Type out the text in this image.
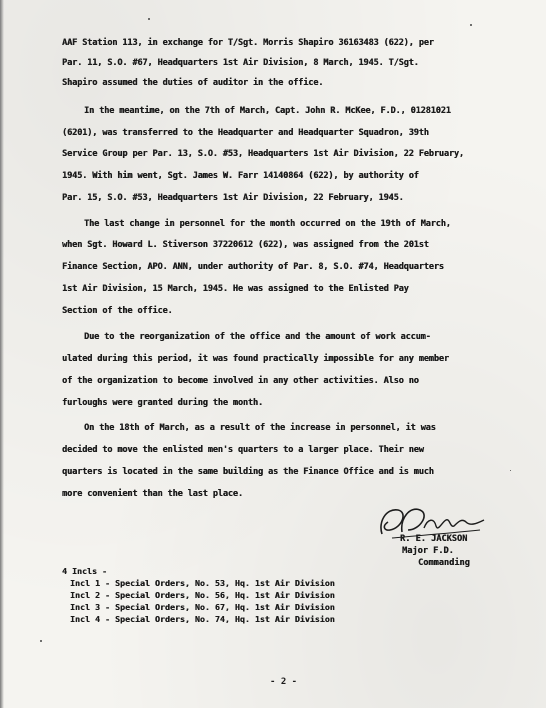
AAF Station 113, in exchange for T/Sgt. Morris Shapiro 36163483 (622), per
Par. 11, S.O. #67, Headquarters 1st Air Division, 8 March, 1945. T/Sgt.
Shapiro assumed the duties of auditor in the office.
In the meantime, on the 7th of March, Capt. John R. McKee, F.D., 01281021
(6201), was transferred to the Headquarter and Headquarter Squadron, 39th
Service Group per Par. 13, S.O. #53, Headquarters 1st Air Division, 22 February,
1945. With him went, Sgt. James W. Farr 14140864 (622), by authority of
Par. 15, S.O. #53, Headquarters 1st Air Division, 22 February, 1945.
The last change in personnel for the month occurred on the 19th of March,
when Sgt. Howard L. Stiverson 37220612 (622), was assigned from the 201st
Finance Section, APO. ANN, under authority of Par. 8, S.O. #74, Headquarters
1st Air Division, 15 March, 1945. He was assigned to the Enlisted Pay
Section of the office.
Due to the reorganization of the office and the amount of work accum-
ulated during this period, it was found practically impossible for any member
of the organization to become involved in any other activities. Also no
furloughs were granted during the month.
On the 18th of March, as a result of the increase in personnel, it was
decided to move the enlisted men's quarters to a larger place. Their new
quarters is located in the same building as the Finance Office and is much
more convenient than the last place.
R. E. JACKSON
Major F.D.
Commanding
4 Incls -
Incl 1 - Special Orders, No. 53, Hq. 1st Air Division
Incl 2 - Special Orders, No. 56, Hq. 1st Air Division
Incl 3 - Special Orders, No. 67, Hq. 1st Air Division
Incl 4 - Special Orders, No. 74, Hq. 1st Air Division
- 2 -
